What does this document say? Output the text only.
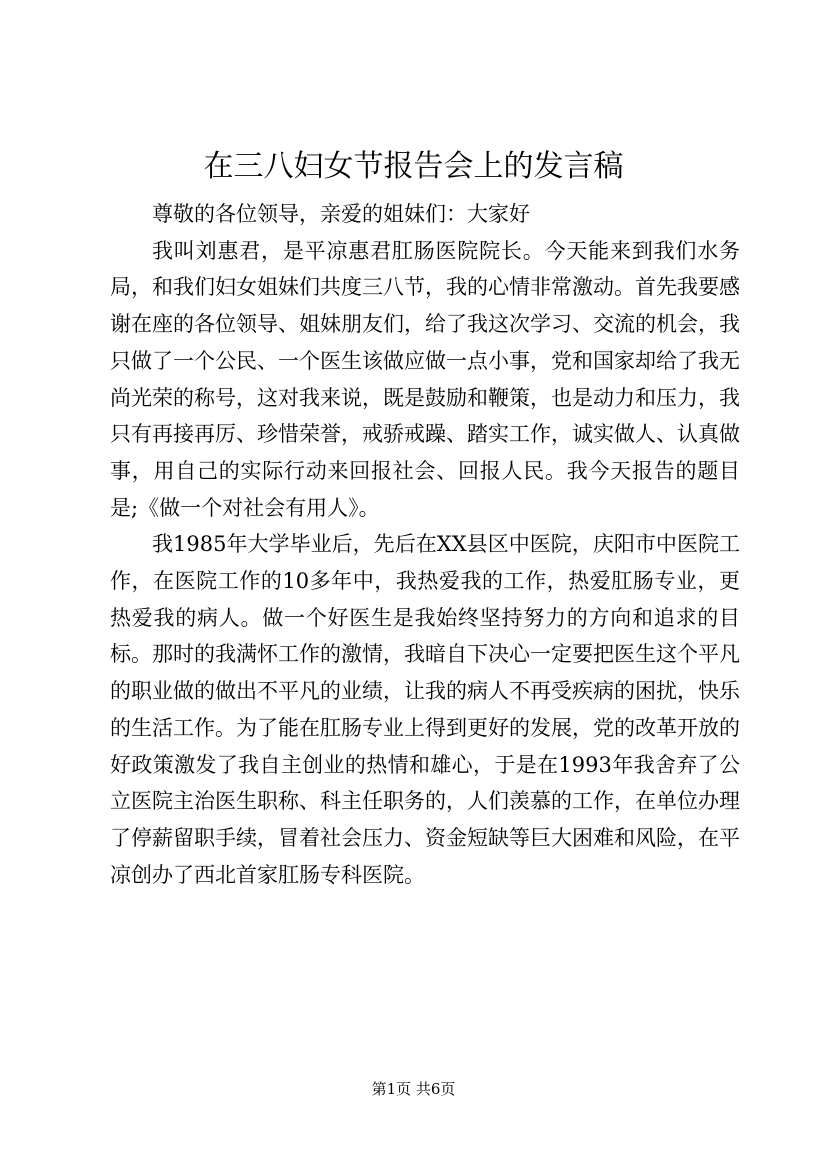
在三八妇女节报告会上的发言稿

尊敬的各位领导，亲爱的姐妹们：大家好

我叫刘惠君，是平凉惠君肛肠医院院长。今天能来到我们水务局，和我们妇女姐妹们共度三八节，我的心情非常激动。首先我要感谢在座的各位领导、姐妹朋友们，给了我这次学习、交流的机会，我只做了一个公民、一个医生该做应做一点小事，党和国家却给了我无尚光荣的称号，这对我来说，既是鼓励和鞭策，也是动力和压力，我只有再接再厉、珍惜荣誉，戒骄戒躁、踏实工作，诚实做人、认真做事，用自己的实际行动来回报社会、回报人民。我今天报告的题目是;《做一个对社会有用人》。

我1985年大学毕业后，先后在XX县区中医院，庆阳市中医院工作，在医院工作的10多年中，我热爱我的工作，热爱肛肠专业，更热爱我的病人。做一个好医生是我始终坚持努力的方向和追求的目标。那时的我满怀工作的激情，我暗自下决心一定要把医生这个平凡的职业做的做出不平凡的业绩，让我的病人不再受疾病的困扰，快乐的生活工作。为了能在肛肠专业上得到更好的发展，党的改革开放的好政策激发了我自主创业的热情和雄心，于是在1993年我舍弃了公立医院主治医生职称、科主任职务的，人们羡慕的工作，在单位办理了停薪留职手续，冒着社会压力、资金短缺等巨大困难和风险，在平凉创办了西北首家肛肠专科医院。

第1页 共6页
